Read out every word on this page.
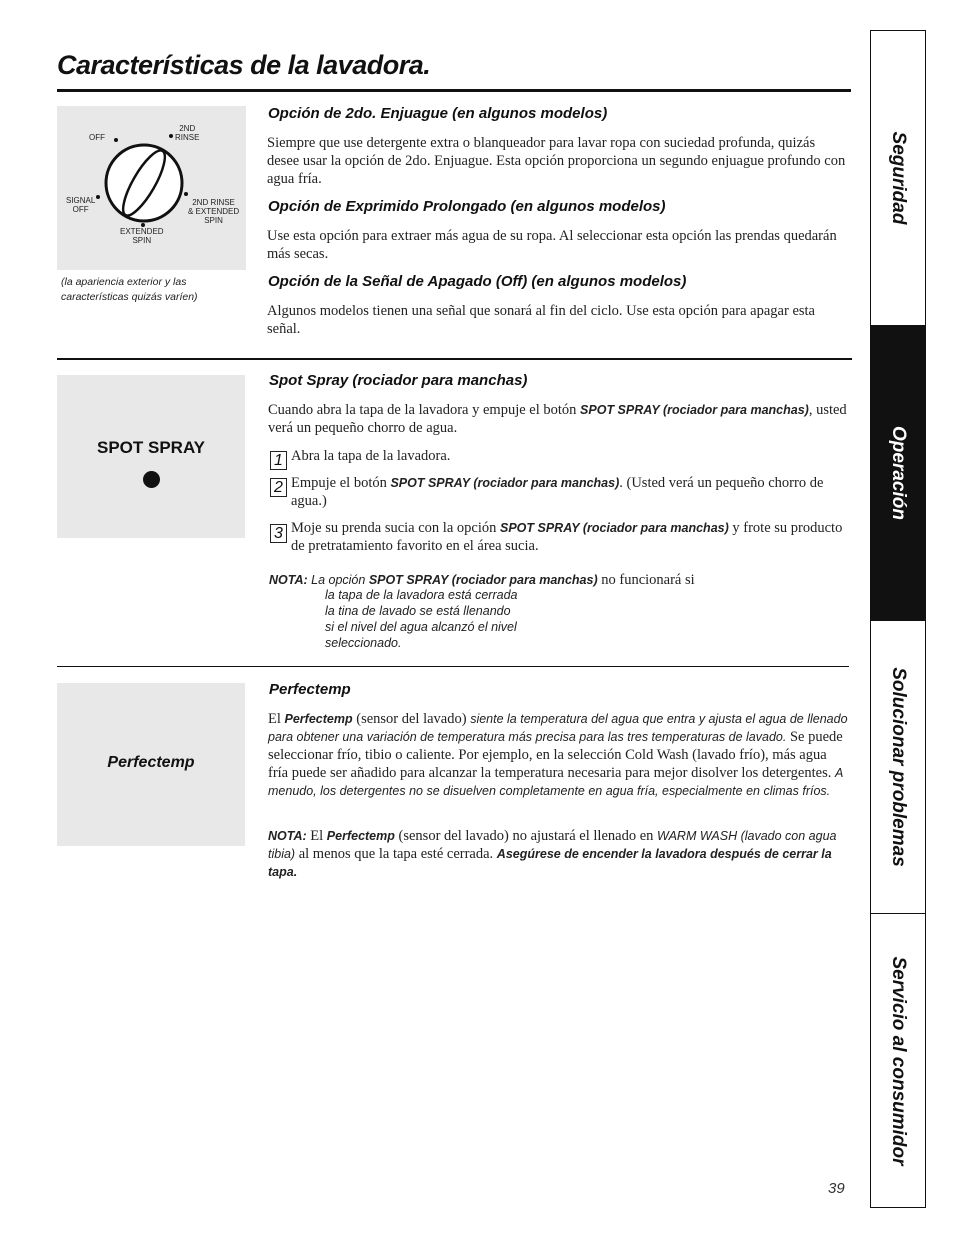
Características de la lavadora.
OFF
2ND
RINSE
SIGNAL
OFF
2ND RINSE
& EXTENDED
SPIN
EXTENDED
SPIN

(la apariencia exterior y las características quizás varíen)

Opción de 2do. Enjuague (en algunos modelos)

Siempre que use detergente extra o blanqueador para lavar ropa con suciedad profunda, quizás desee usar la opción de 2do. Enjuague. Esta opción proporciona un segundo enjuague profundo con agua fría.

Opción de Exprimido Prolongado (en algunos modelos)

Use esta opción para extraer más agua de su ropa. Al seleccionar esta opción las prendas quedarán más secas.

Opción de la Señal de Apagado (Off) (en algunos modelos)

Algunos modelos tienen una señal que sonará al fin del ciclo. Use esta opción para apagar esta señal.

SPOT SPRAY
Spot Spray (rociador para manchas)

Cuando abra la tapa de la lavadora y empuje el botón SPOT SPRAY (rociador para manchas), usted verá un pequeño chorro de agua.

1 Abra la tapa de la lavadora.

2 Empuje el botón SPOT SPRAY (rociador para manchas). (Usted verá un pequeño chorro de agua.)

3 Moje su prenda sucia con la opción SPOT SPRAY (rociador para manchas) y frote su producto de pretratamiento favorito en el área sucia.

NOTA: La opción SPOT SPRAY (rociador para manchas) no funcionará si

la tapa de la lavadora está cerrada

la tina de lavado se está llenando

si el nivel del agua alcanzó el nivel

seleccionado.

Perfectemp
Perfectemp

El Perfectemp (sensor del lavado) siente la temperatura del agua que entra y ajusta el agua de llenado para obtener una variación de temperatura más precisa para las tres temperaturas de lavado. Se puede seleccionar frío, tibio o caliente. Por ejemplo, en la selección Cold Wash (lavado frío), más agua fría puede ser añadido para alcanzar la temperatura necesaria para mejor disolver los detergentes. A menudo, los detergentes no se disuelven completamente en agua fría, especialmente en climas fríos.

NOTA: El Perfectemp (sensor del lavado) no ajustará el llenado en WARM WASH (lavado con agua tibia) al menos que la tapa esté cerrada. Asegúrese de encender la lavadora después de cerrar la tapa.

Seguridad
Operación
Solucionar problemas
Servicio al consumidor
39
